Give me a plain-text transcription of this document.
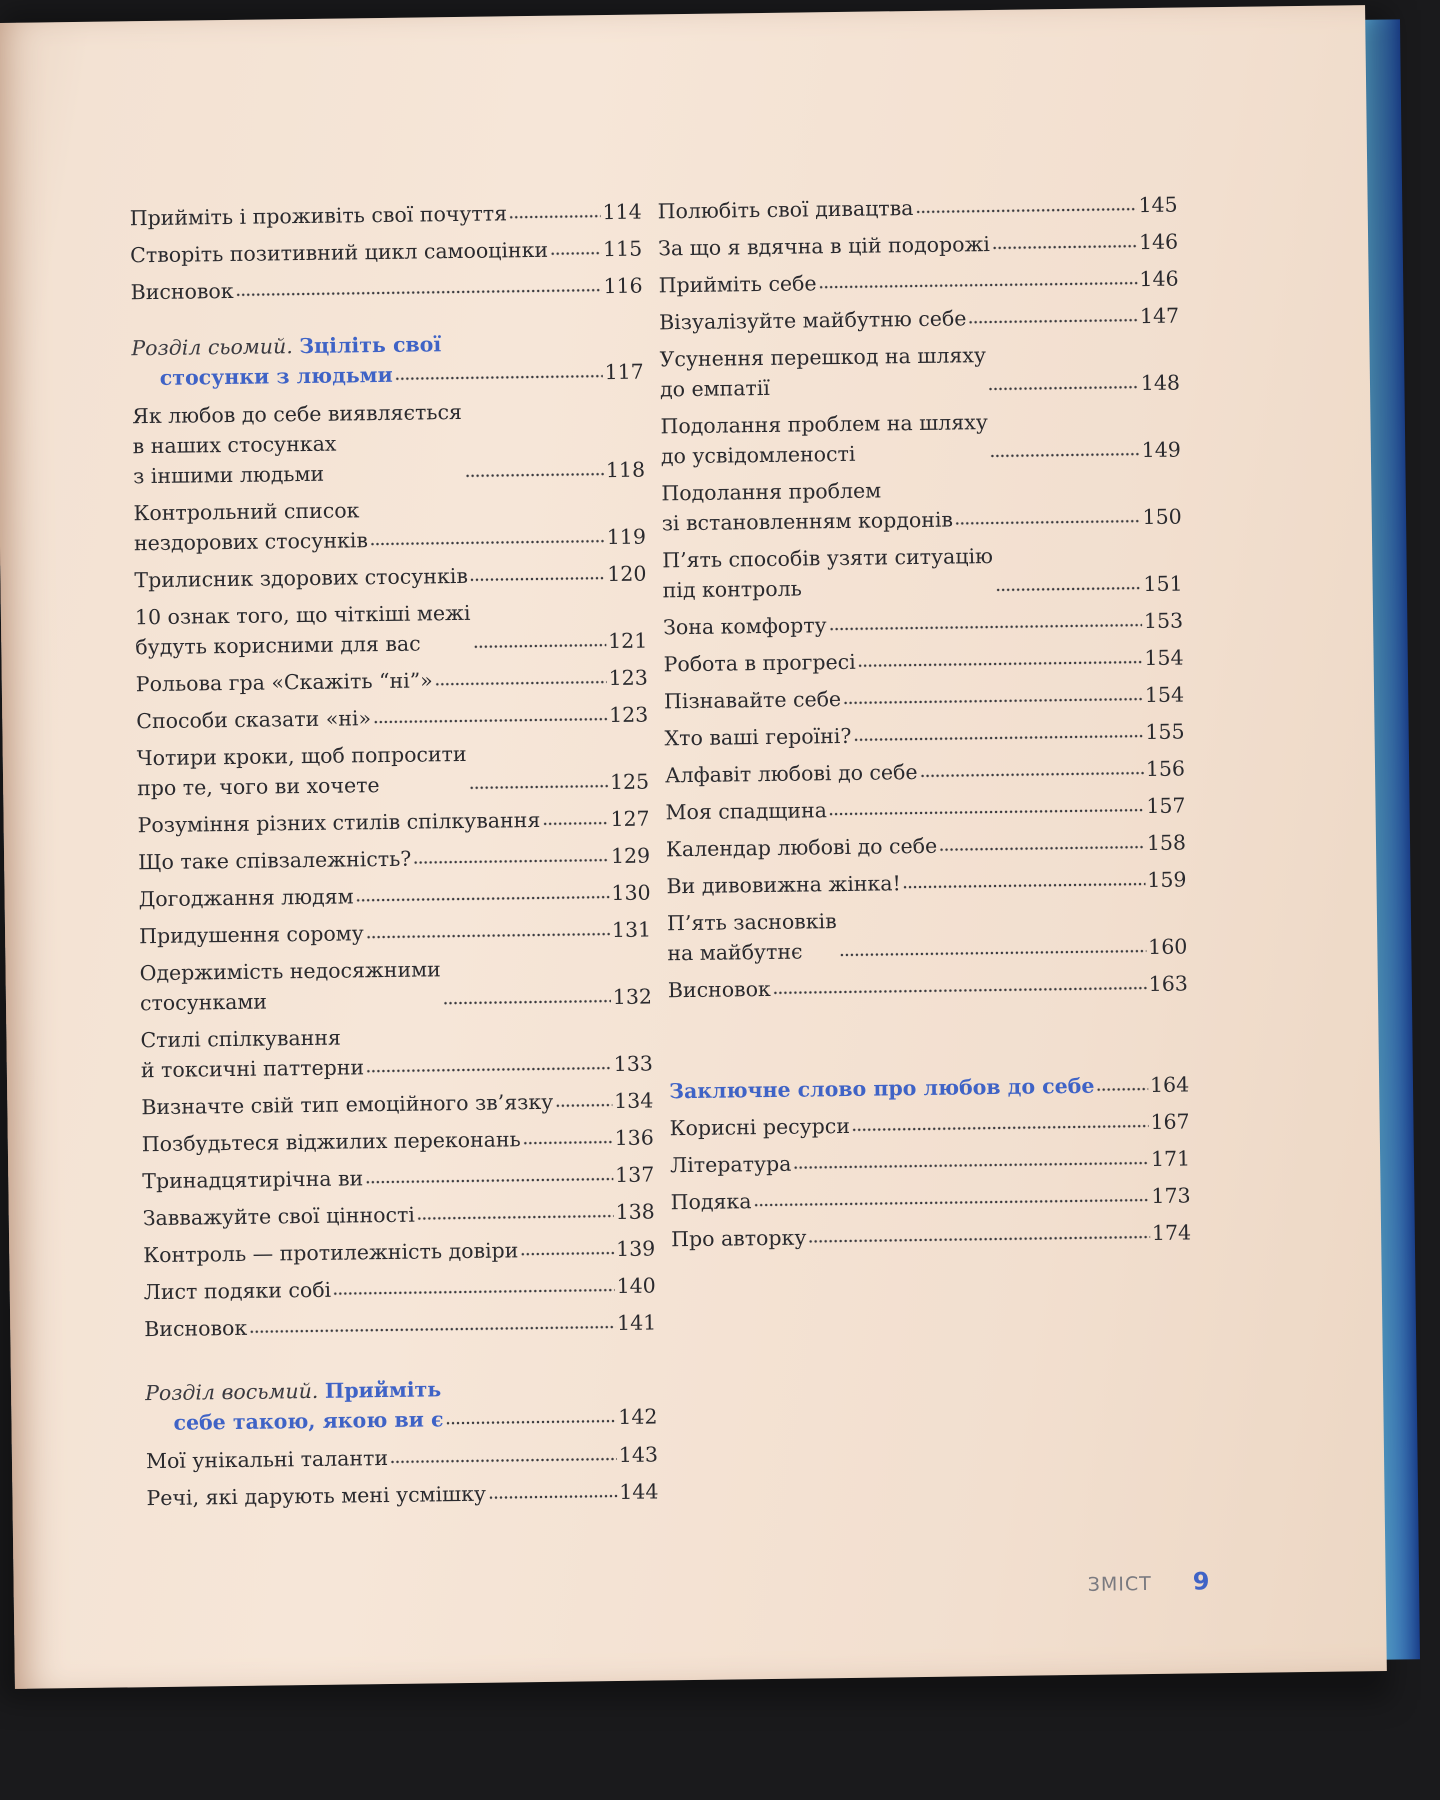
Прийміть і проживіть свої почуття	114
Створіть позитивний цикл самооцінки	115
Висновок	116
Розділ сьомий. Зцілiть свої
стосунки з людьми	117
Як любов до себе виявляється
в наших стосунках
з іншими людьми	118
Контрольний список
нездорових стосунків	119
Трилисник здорових стосунків	120
10 ознак того, що чіткіші межі
будуть корисними для вас	121
Рольова гра «Скажіть “ні”»	123
Способи сказати «ні»	123
Чотири кроки, щоб попросити
про те, чого ви хочете	125
Розуміння різних стилів спілкування	127
Що таке співзалежність?	129
Догоджання людям	130
Придушення сорому	131
Одержимість недосяжними
стосунками	132
Стилі спілкування
й токсичні паттерни	133
Визначте свій тип емоційного зв’язку	134
Позбудьтеся віджилих переконань	136
Тринадцятирічна ви	137
Завважуйте свої цінності	138
Контроль — протилежність довіри	139
Лист подяки собі	140
Висновок	141
Розділ восьмий. Прийміть
себе такою, якою ви є	142
Мої унікальні таланти	143
Речі, які дарують мені усмішку	144
Полюбіть свої дивацтва	145
За що я вдячна в цій подорожі	146
Прийміть себе	146
Візуалізуйте майбутню себе	147
Усунення перешкод на шляху
до емпатії	148
Подолання проблем на шляху
до усвідомленості	149
Подолання проблем
зі встановленням кордонів	150
П’ять способів узяти ситуацію
під контроль	151
Зона комфорту	153
Робота в прогресі	154
Пізнавайте себе	154
Хто ваші героїні?	155
Алфавіт любові до себе	156
Моя спадщина	157
Календар любові до себе	158
Ви дивовижна жінка!	159
П’ять засновків
на майбутнє	160
Висновок	163
Заключне слово про любов до себе	164
Корисні ресурси	167
Література	171
Подяка	173
Про авторку	174
ЗМІСТ 9
